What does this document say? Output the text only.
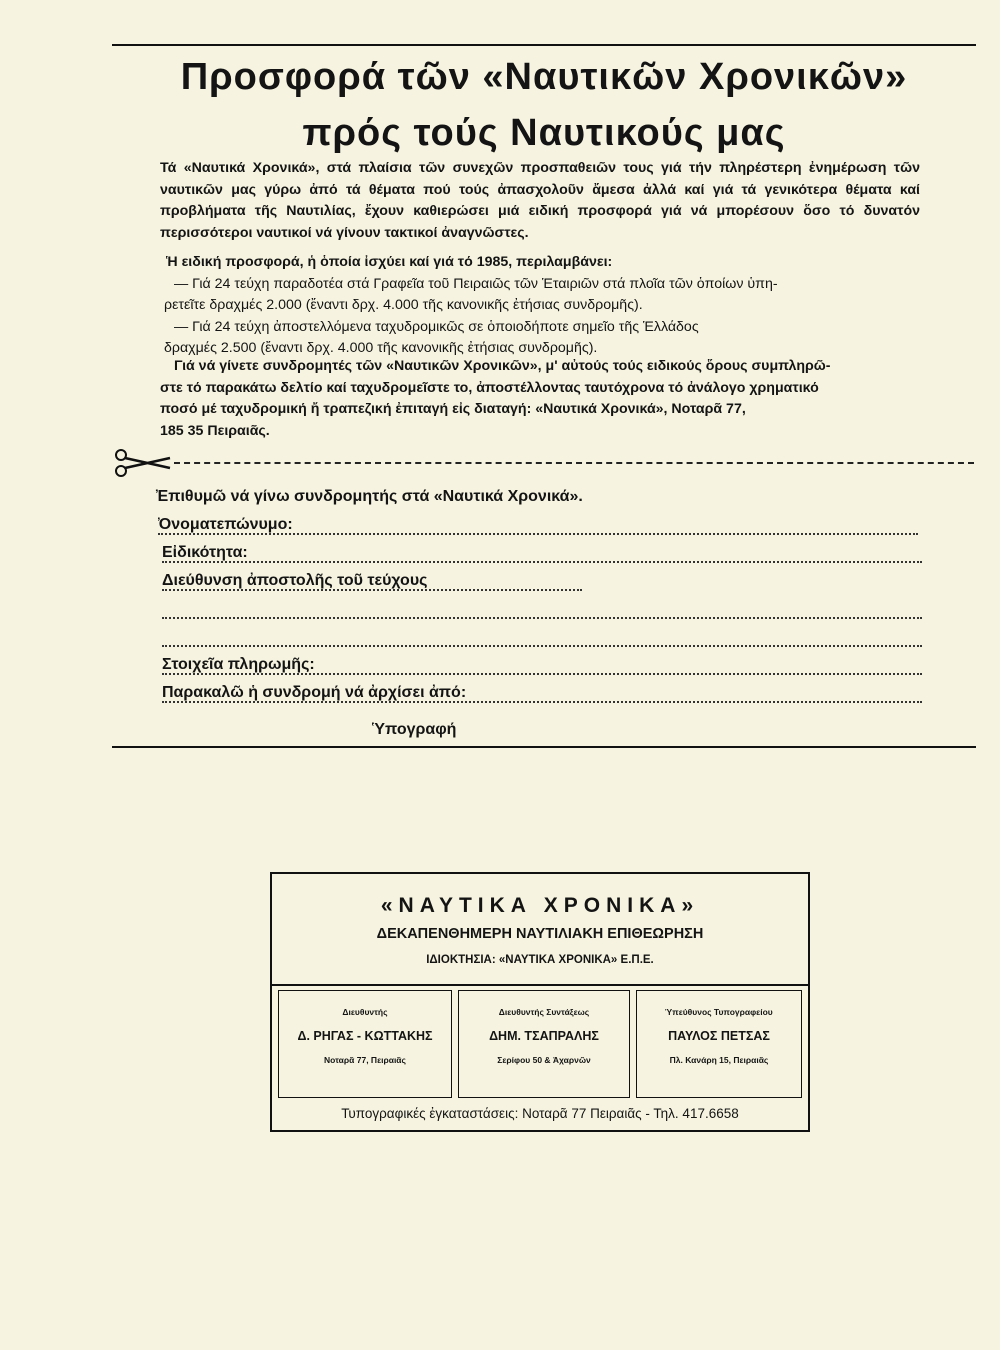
Προσφορά τῶν «Ναυτικῶν Χρονικῶν»
πρός τούς Ναυτικούς μας

Τά «Ναυτικά Χρονικά», στά πλαίσια τῶν συνεχῶν προσπαθειῶν τους γιά τήν πληρέστερη ἐνημέρωση τῶν ναυτικῶν μας γύρω ἀπό τά θέματα πού τούς ἀπασχολοῦν ἄμεσα ἀλλά καί γιά τά γενικότερα θέματα καί προβλήματα τῆς Ναυτιλίας, ἔχουν καθιερώσει μιά ειδική προσφορά γιά νά μπορέσουν ὅσο τό δυνατόν περισσότεροι ναυτικοί νά γίνουν τακτικοί ἀναγνῶστες.

Ἡ ειδική προσφορά, ἡ ὁποία ἰσχύει καί γιά τό 1985, περιλαμβάνει:
— Γιά 24 τεύχη παραδοτέα στά Γραφεῖα τοῦ Πειραιῶς τῶν Ἑταιριῶν στά πλοῖα τῶν ὁποίων ὑπη-
ρετεῖτε δραχμές 2.000 (ἔναντι δρχ. 4.000 τῆς κανονικῆς ἐτήσιας συνδρομῆς).
— Γιά 24 τεύχη ἀποστελλόμενα ταχυδρομικῶς σε ὁποιοδήποτε σημεῖο τῆς Ἑλλάδος
δραχμές 2.500 (ἔναντι δρχ. 4.000 τῆς κανονικῆς ἐτήσιας συνδρομῆς).
Γιά νά γίνετε συνδρομητές τῶν «Ναυτικῶν Χρονικῶν», μ' αὐτούς τούς ειδικούς ὅρους συμπληρῶ-
στε τό παρακάτω δελτίο καί ταχυδρομεῖστε το, ἀποστέλλοντας ταυτόχρονα τό ἀνάλογο χρηματικό
ποσό μέ ταχυδρομική ἤ τραπεζική ἐπιταγή εἰς διαταγή: «Ναυτικά Χρονικά», Νοταρᾶ 77,
185 35 Πειραιᾶς.
Ἐπιθυμῶ νά γίνω συνδρομητής στά «Ναυτικά Χρονικά».
Ὀνοματεπώνυμο:
Εἰδικότητα:
Διεύθυνση ἀποστολῆς τοῦ τεύχους
Στοιχεῖα πληρωμῆς:
Παρακαλῶ ἡ συνδρομή νά ἀρχίσει ἀπό:
Ὑπογραφή
«ΝΑΥΤΙΚΑ ΧΡΟΝΙΚΑ»
ΔΕΚΑΠΕΝΘΗΜΕΡΗ ΝΑΥΤΙΛΙΑΚΗ ΕΠΙΘΕΩΡΗΣΗ
ΙΔΙΟΚΤΗΣΙΑ: «ΝΑΥΤΙΚΑ ΧΡΟΝΙΚΑ» Ε.Π.Ε.
Διευθυντής
Δ. ΡΗΓΑΣ - ΚΩΤΤΑΚΗΣ
Νοταρᾶ 77, Πειραιᾶς
Διευθυντής Συντάξεως
ΔΗΜ. ΤΣΑΠΡΑΛΗΣ
Σερίφου 50 & Ἀχαρνῶν
Ὑπεύθυνος Τυπογραφείου
ΠΑΥΛΟΣ ΠΕΤΣΑΣ
Πλ. Κανάρη 15, Πειραιᾶς
Τυπογραφικές ἐγκαταστάσεις: Νοταρᾶ 77 Πειραιᾶς - Τηλ. 417.6658
